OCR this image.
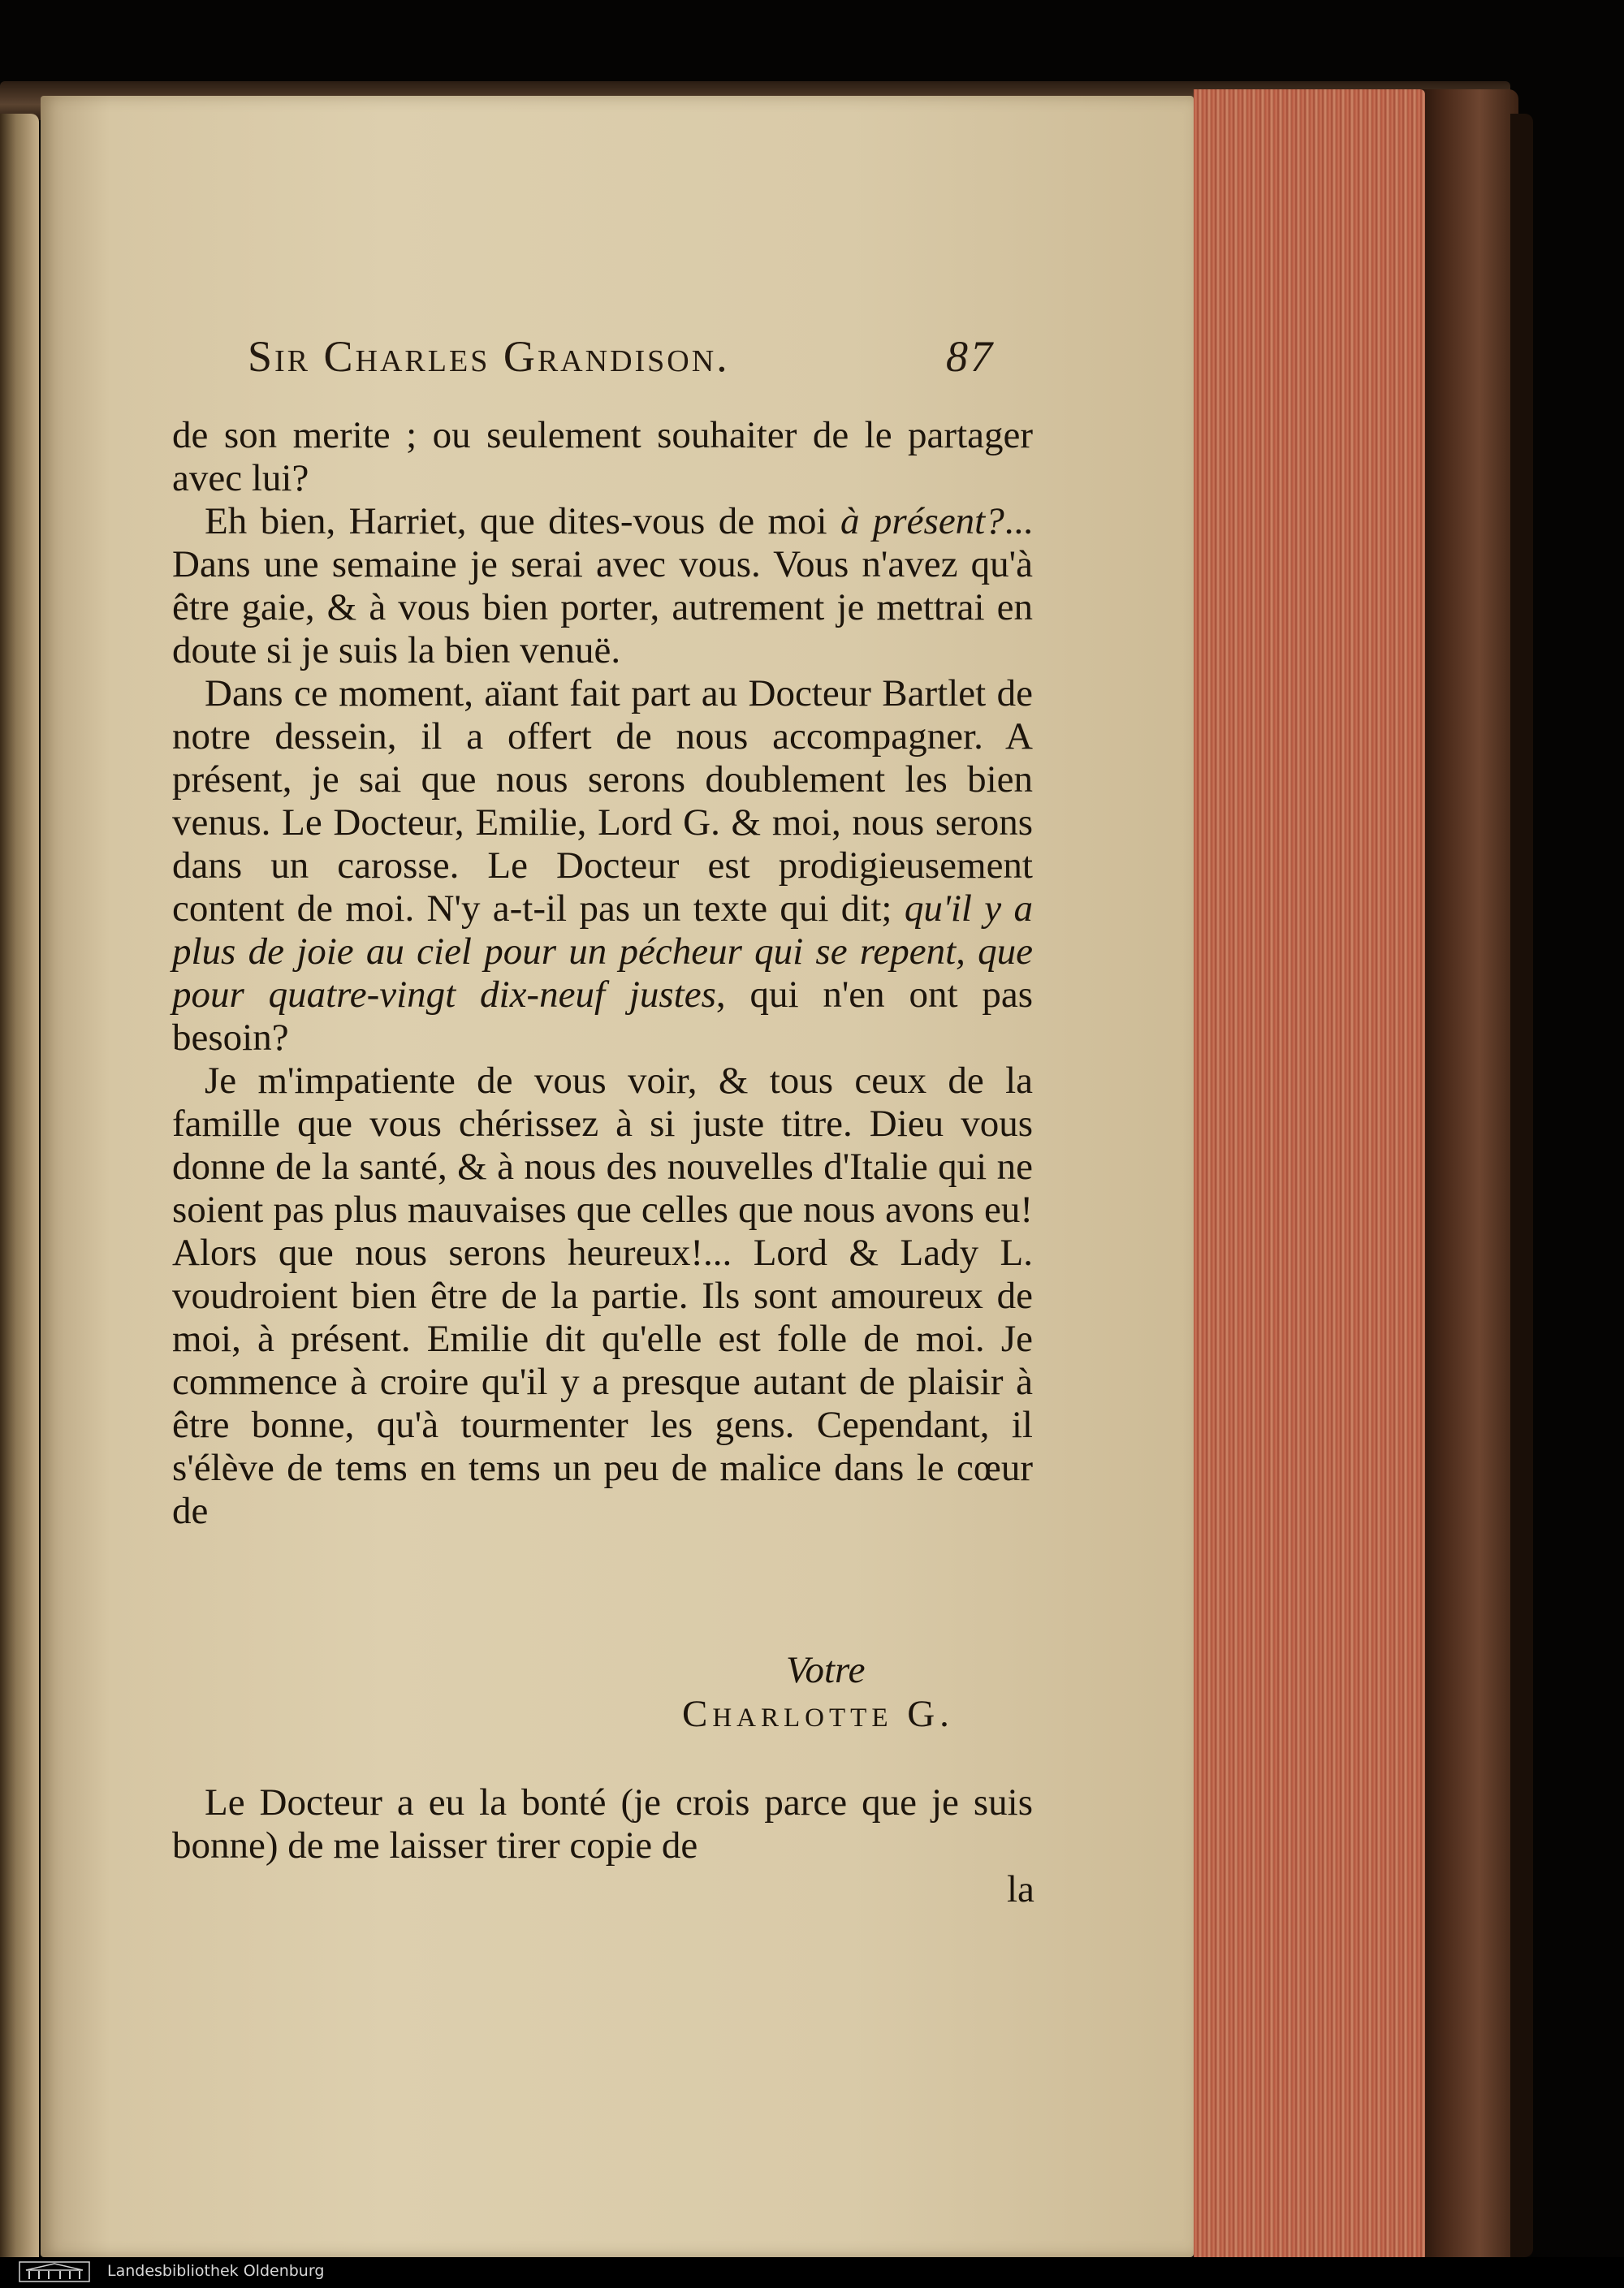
Sir Charles Grandison.	87

de son merite ; ou seulement souhaiter de le partager avec lui?

Eh bien, Harriet, que dites-vous de moi à présent?... Dans une semaine je serai avec vous. Vous n'avez qu'à être gaie, & à vous bien porter, autrement je mettrai en doute si je suis la bien venuë.

Dans ce moment, aïant fait part au Docteur Bartlet de notre dessein, il a offert de nous accompagner. A présent, je sai que nous serons doublement les bien venus. Le Docteur, Emilie, Lord G. & moi, nous serons dans un carosse. Le Docteur est prodigieusement content de moi. N'y a-t-il pas un texte qui dit; qu'il y a plus de joie au ciel pour un pécheur qui se repent, que pour quatre-vingt dix-neuf justes, qui n'en ont pas besoin?

Je m'impatiente de vous voir, & tous ceux de la famille que vous chérissez à si juste titre. Dieu vous donne de la santé, & à nous des nouvelles d'Italie qui ne soient pas plus mauvaises que celles que nous avons eu! Alors que nous serons heureux!... Lord & Lady L. voudroient bien être de la partie. Ils sont amoureux de moi, à présent. Emilie dit qu'elle est folle de moi. Je commence à croire qu'il y a presque autant de plaisir à être bonne, qu'à tourmenter les gens. Cependant, il s'élève de tems en tems un peu de malice dans le cœur de

Votre
Charlotte G.

Le Docteur a eu la bonté (je crois parce que je suis bonne) de me laisser tirer copie de

la
Landesbibliothek Oldenburg
